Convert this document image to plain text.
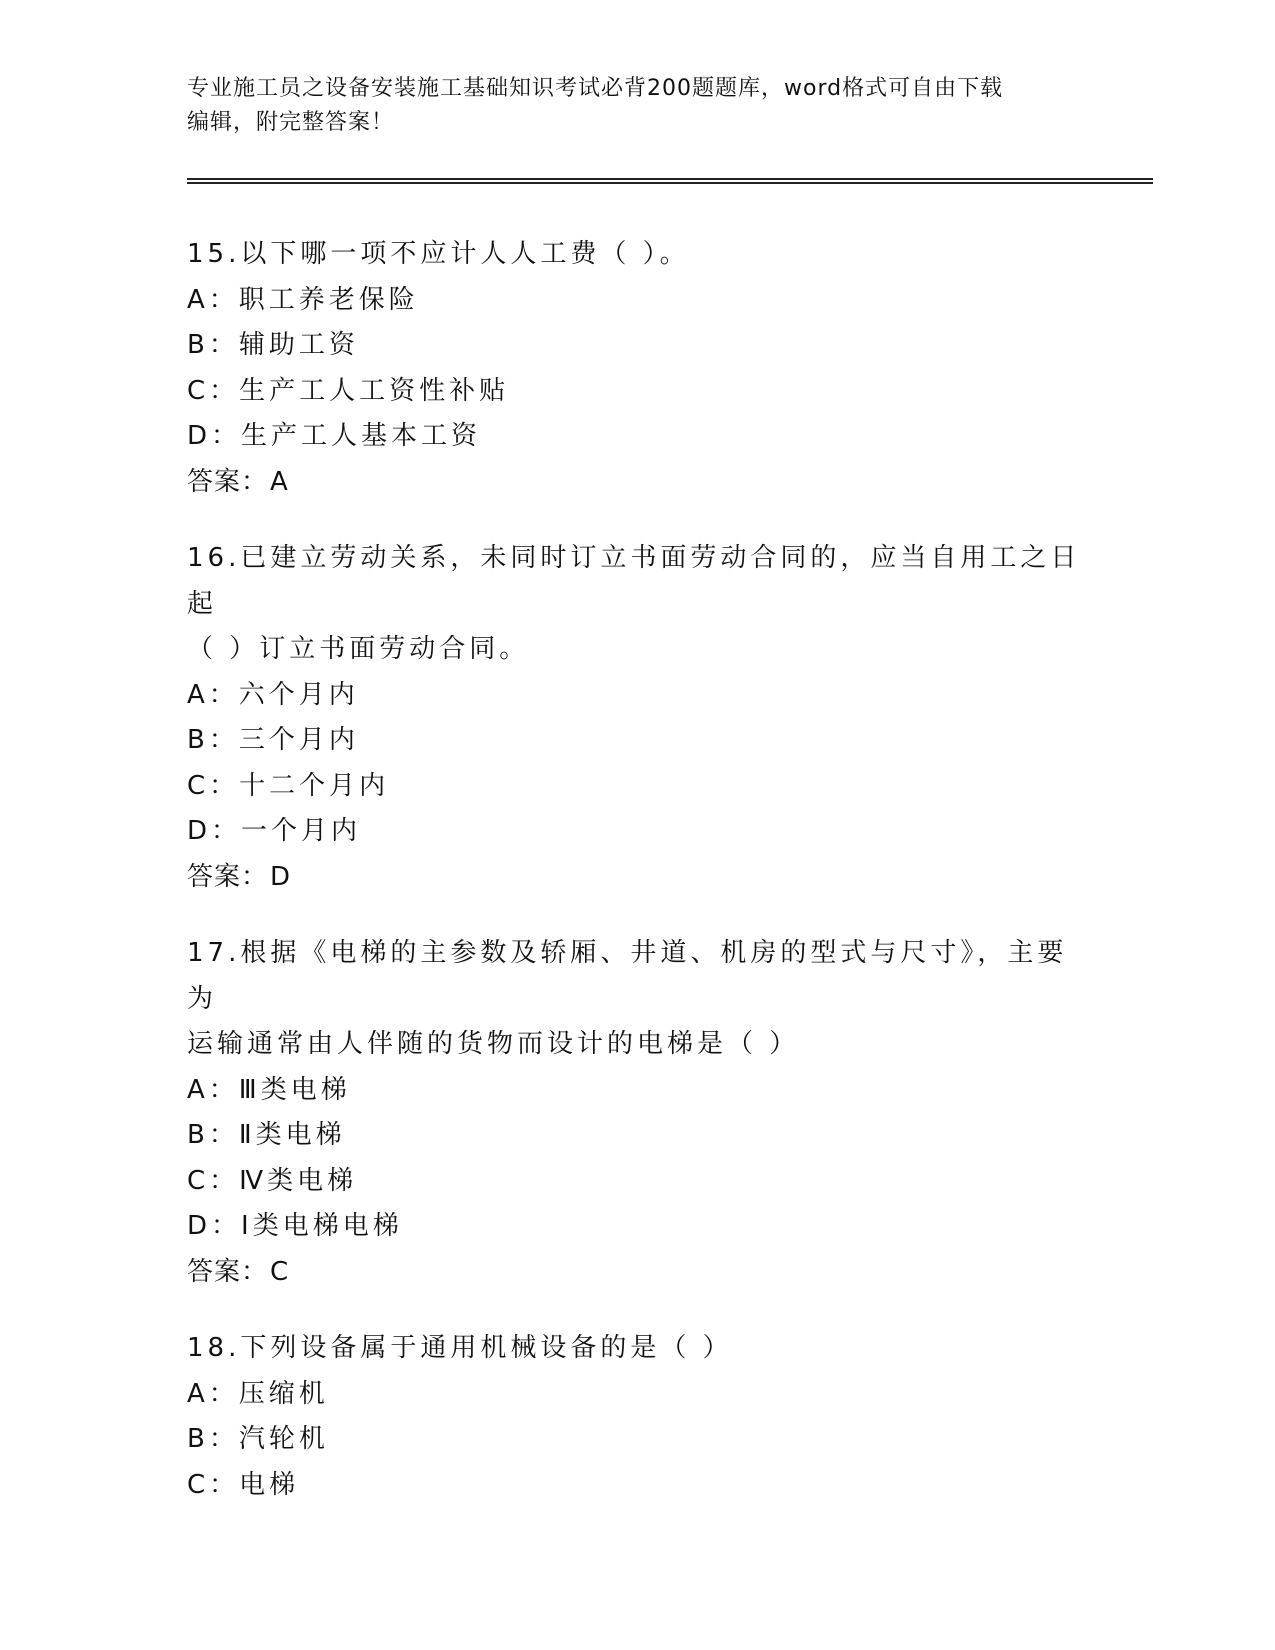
专业施工员之设备安装施工基础知识考试必背200题题库，word格式可自由下载
编辑，附完整答案！
15.以下哪一项不应计人人工费（ ）。
A：职工养老保险
B：辅助工资
C：生产工人工资性补贴
D：生产工人基本工资
答案：A
16.已建立劳动关系，未同时订立书面劳动合同的，应当自用工之日起
（ ）订立书面劳动合同。
A：六个月内
B：三个月内
C：十二个月内
D：一个月内
答案：D
17.根据《电梯的主参数及轿厢、井道、机房的型式与尺寸》，主要为
运输通常由人伴随的货物而设计的电梯是（ ）
A：Ⅲ类电梯
B：Ⅱ类电梯
C：Ⅳ类电梯
D：Ⅰ类电梯电梯
答案：C
18.下列设备属于通用机械设备的是（ ）
A：压缩机
B：汽轮机
C：电梯
